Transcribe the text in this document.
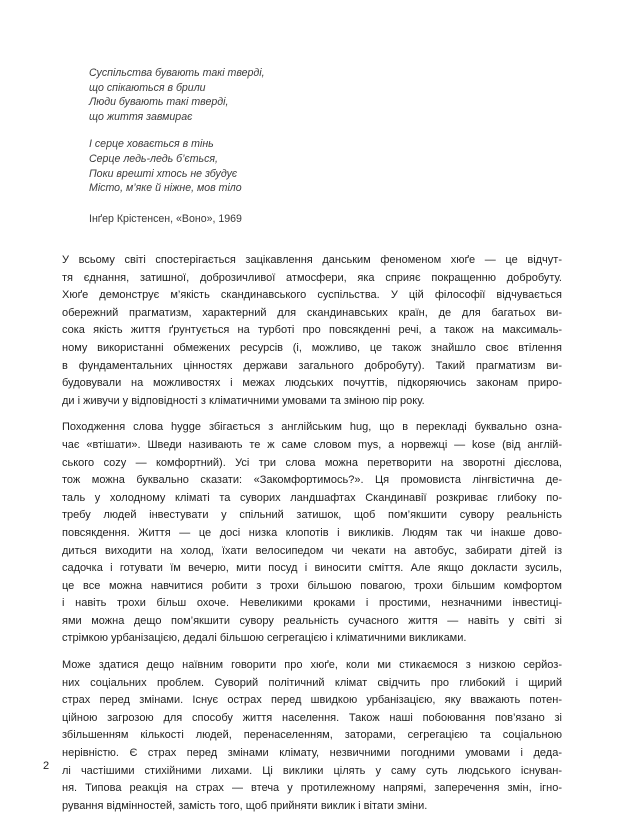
Суспільства бувають такі тверді,
що спікаються в брили
Люди бувають такі тверді,
що життя завмирає
І серце ховається в тінь
Серце ледь-ледь б’ється,
Поки врешті хтось не збудує
Місто, м’яке й ніжне, мов тіло
Інґер Крістенсен, «Воно», 1969
У всьому світі спостерігається зацікавлення данським феноменом хюґе — це відчут-
тя єднання, затишної, доброзичливої атмосфери, яка сприяє покращенню добробуту.
Хюґе демонструє м’якість скандинавського суспільства. У цій філософії відчувається
обережний прагматизм, характерний для скандинавських країн, де для багатьох ви-
сока якість життя ґрунтується на турботі про повсякденні речі, а також на максималь-
ному використанні обмежених ресурсів (і, можливо, це також знайшло своє втілення
в фундаментальних цінностях держави загального добробуту). Такий прагматизм ви-
будовували на можливостях і межах людських почуттів, підкоряючись законам приро-
ди і живучи у відповідності з кліматичними умовами та зміною пір року.
Походження слова hygge збігається з англійським hug, що в перекладі буквально озна-
чає «втішати». Шведи називають те ж саме словом mys, а норвежці — kose (від англій-
ського cozy — комфортний). Усі три слова можна перетворити на зворотні дієслова,
тож можна буквально сказати: «Закомфортимось?». Ця промовиста лінгвістична де-
таль у холодному кліматі та суворих ландшафтах Скандинавії розкриває глибоку по-
требу людей інвестувати у спільний затишок, щоб пом’якшити сувору реальність
повсякдення. Життя — це досі низка клопотів і викликів. Людям так чи інакше дово-
диться виходити на холод, їхати велосипедом чи чекати на автобус, забирати дітей із
садочка і готувати їм вечерю, мити посуд і виносити сміття. Але якщо докласти зусиль,
це все можна навчитися робити з трохи більшою повагою, трохи більшим комфортом
і навіть трохи більш охоче. Невеликими кроками і простими, незначними інвестиці-
ями можна дещо пом’якшити сувору реальність сучасного життя — навіть у світі зі
стрімкою урбанізацією, дедалі більшою сегрегацією і кліматичними викликами.
Може здатися дещо наївним говорити про хюґе, коли ми стикаємося з низкою серйоз-
них соціальних проблем. Суворий політичний клімат свідчить про глибокий і щирий
страх перед змінами. Існує острах перед швидкою урбанізацією, яку вважають потен-
ційною загрозою для способу життя населення. Також наші побоювання пов’язано зі
збільшенням кількості людей, перенаселенням, заторами, сегрегацією та соціальною
нерівністю. Є страх перед змінами клімату, незвичними погодними умовами і деда-
лі частішими стихійними лихами. Ці виклики цілять у саму суть людського існуван-
ня. Типова реакція на страх — втеча у протилежному напрямі, заперечення змін, ігно-
рування відмінностей, замість того, щоб прийняти виклик і вітати зміни.
2
